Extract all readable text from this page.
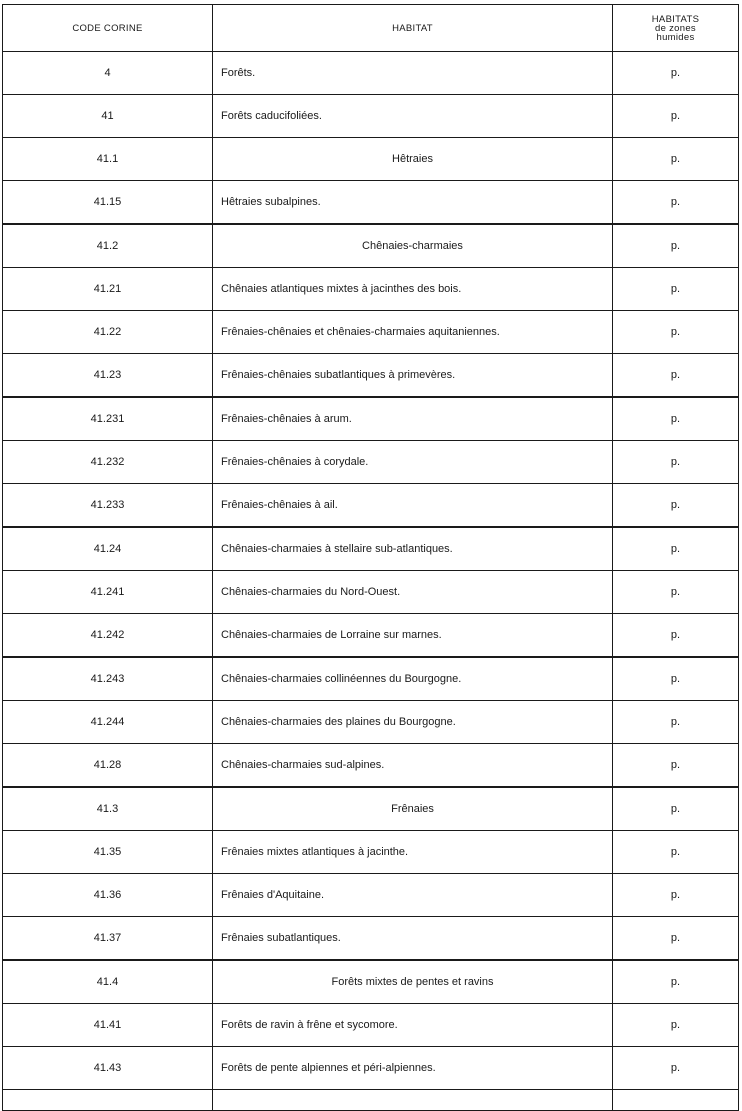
CODE CORINE	HABITAT	HABITATS
de zones
humides
4	Forêts.	p.
41	Forêts caducifoliées.	p.
41.1	Hêtraies	p.
41.15	Hêtraies subalpines.	p.
41.2	Chênaies-charmaies	p.
41.21	Chênaies atlantiques mixtes à jacinthes des bois.	p.
41.22	Frênaies-chênaies et chênaies-charmaies aquitaniennes.	p.
41.23	Frênaies-chênaies subatlantiques à primevères.	p.
41.231	Frênaies-chênaies à arum.	p.
41.232	Frênaies-chênaies à corydale.	p.
41.233	Frênaies-chênaies à ail.	p.
41.24	Chênaies-charmaies à stellaire sub-atlantiques.	p.
41.241	Chênaies-charmaies du Nord-Ouest.	p.
41.242	Chênaies-charmaies de Lorraine sur marnes.	p.
41.243	Chênaies-charmaies collinéennes du Bourgogne.	p.
41.244	Chênaies-charmaies des plaines du Bourgogne.	p.
41.28	Chênaies-charmaies sud-alpines.	p.
41.3	Frênaies	p.
41.35	Frênaies mixtes atlantiques à jacinthe.	p.
41.36	Frênaies d'Aquitaine.	p.
41.37	Frênaies subatlantiques.	p.
41.4	Forêts mixtes de pentes et ravins	p.
41.41	Forêts de ravin à frêne et sycomore.	p.
41.43	Forêts de pente alpiennes et péri-alpiennes.	p.
